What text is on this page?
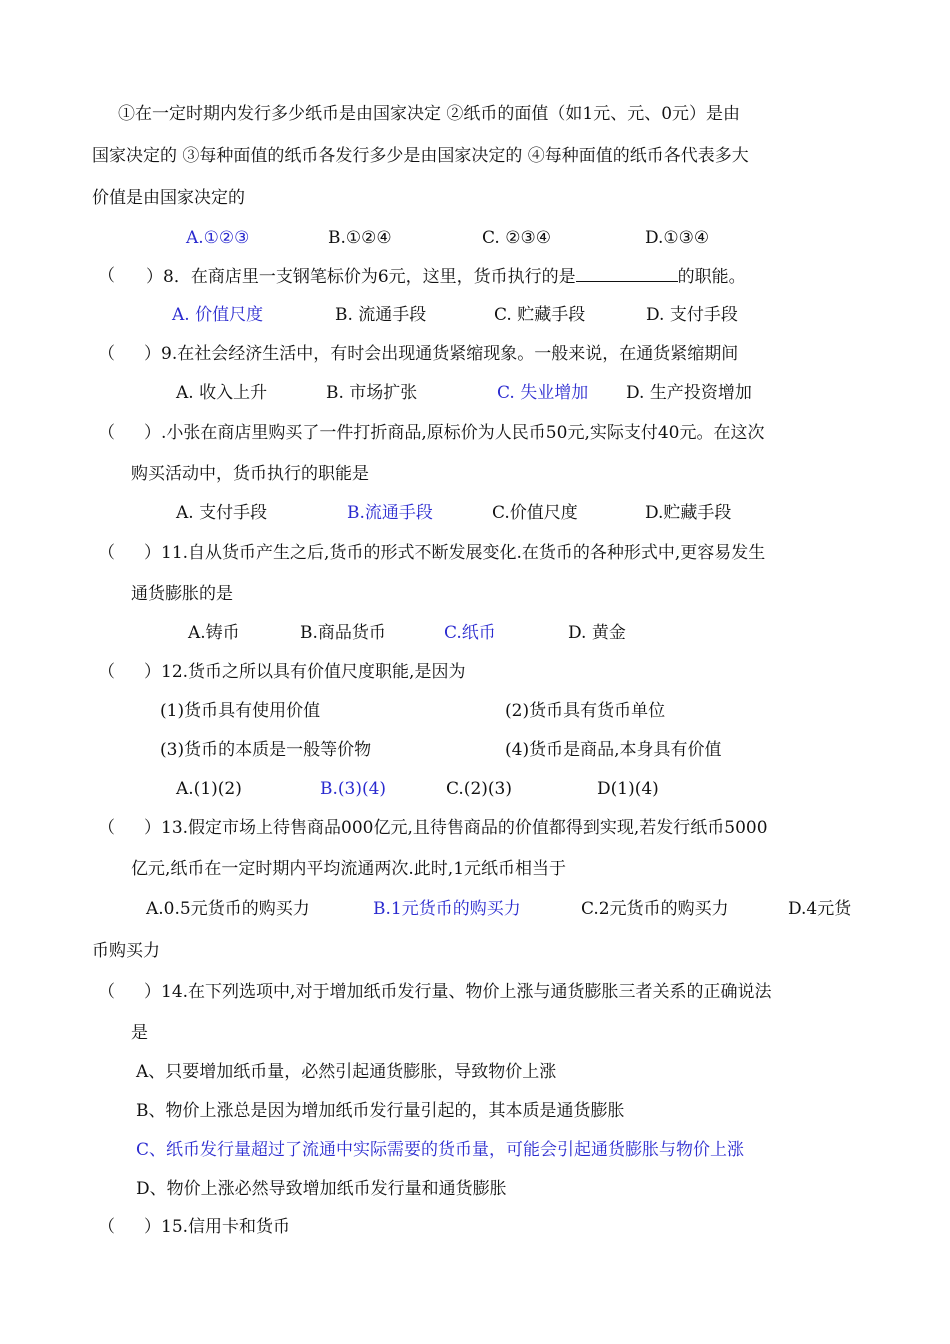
①在一定时期内发行多少纸币是由国家决定 ②纸币的面值（如1元、元、0元）是由
国家决定的 ③每种面值的纸币各发行多少是由国家决定的 ④每种面值的纸币各代表多大
价值是由国家决定的
A.①②③	B.①②④	C. ②③④	D.①③④
（ ）8．在商店里一支钢笔标价为6元，这里，货币执行的是	的职能。
A. 价值尺度	B. 流通手段	C. 贮藏手段	D. 支付手段
（ ）9.在社会经济生活中，有时会出现通货紧缩现象。一般来说，在通货紧缩期间
A. 收入上升	B. 市场扩张	C. 失业增加 D. 生产投资增加
（ ）.小张在商店里购买了一件打折商品,原标价为人民币50元,实际支付40元。在这次
购买活动中，货币执行的职能是
A. 支付手段	B.流通手段	C.价值尺度	D.贮藏手段
（ ）11.自从货币产生之后,货币的形式不断发展变化.在货币的各种形式中,更容易发生
通货膨胀的是
A.铸币	B.商品货币	C.纸币	D. 黄金
（ ）12.货币之所以具有价值尺度职能,是因为
(1)货币具有使用价值	(2)货币具有货币单位
(3)货币的本质是一般等价物	(4)货币是商品,本身具有价值
A.(1)(2)	B.(3)(4)	C.(2)(3)	D(1)(4)
（ ）13.假定市场上待售商品000亿元,且待售商品的价值都得到实现,若发行纸币5000
亿元,纸币在一定时期内平均流通两次.此时,1元纸币相当于
A.0.5元货币的购买力	B.1元货币的购买力	C.2元货币的购买力	D.4元货
币购买力
（ ）14.在下列选项中,对于增加纸币发行量、物价上涨与通货膨胀三者关系的正确说法
是
A、只要增加纸币量，必然引起通货膨胀，导致物价上涨
B、物价上涨总是因为增加纸币发行量引起的，其本质是通货膨胀
C、纸币发行量超过了流通中实际需要的货币量，可能会引起通货膨胀与物价上涨
D、物价上涨必然导致增加纸币发行量和通货膨胀
（ ）15.信用卡和货币
